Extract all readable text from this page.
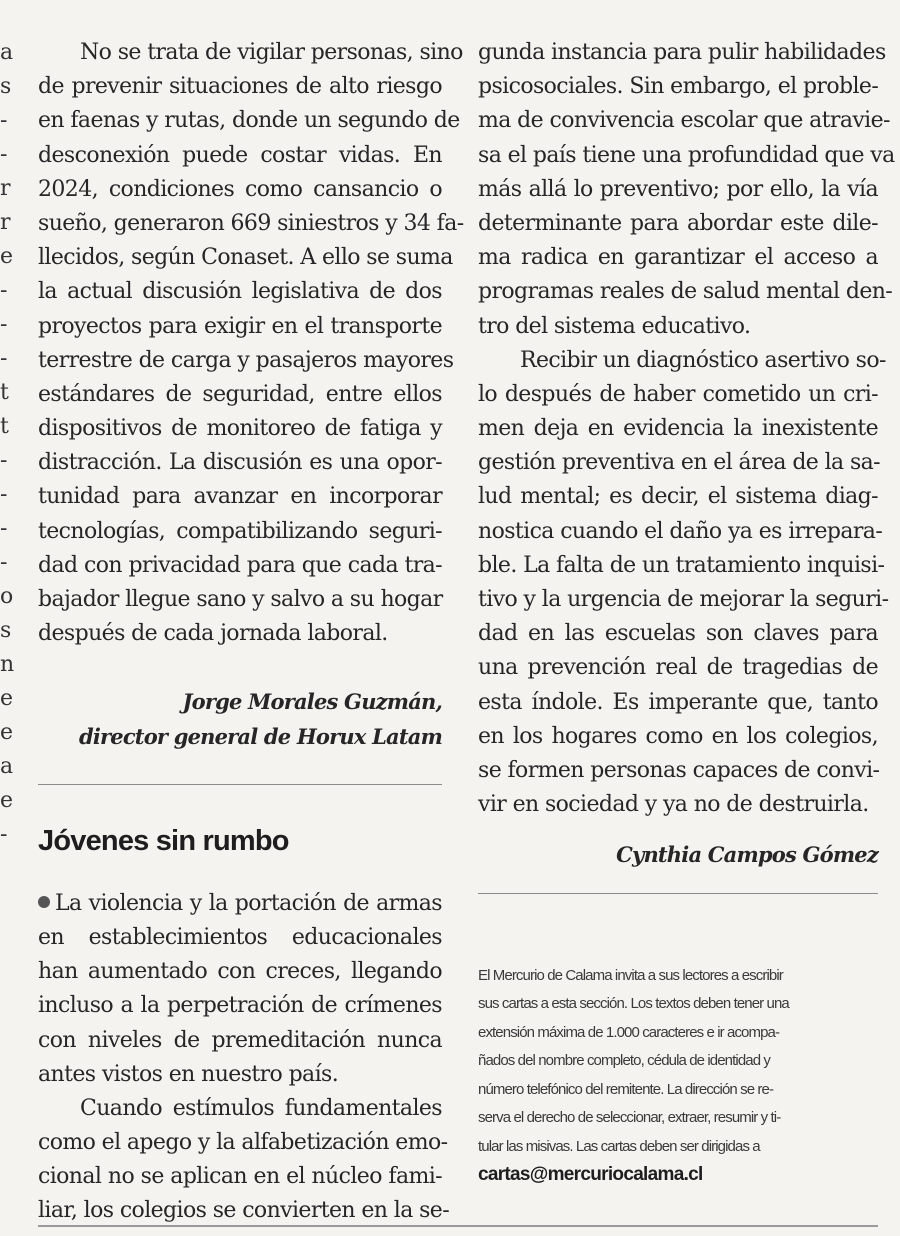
a
s
-
-
r
r
e
-
-
-
t
t
-
-
-
-
o
s
n
e
e
a
e
-
No se trata de vigilar personas, sino
de prevenir situaciones de alto riesgo
en faenas y rutas, donde un segundo de
desconexión puede costar vidas. En
2024, condiciones como cansancio o
sueño, generaron 669 siniestros y 34 fa-
llecidos, según Conaset. A ello se suma
la actual discusión legislativa de dos
proyectos para exigir en el transporte
terrestre de carga y pasajeros mayores
estándares de seguridad, entre ellos
dispositivos de monitoreo de fatiga y
distracción. La discusión es una opor-
tunidad para avanzar en incorporar
tecnologías, compatibilizando seguri-
dad con privacidad para que cada tra-
bajador llegue sano y salvo a su hogar
después de cada jornada laboral.
Jorge Morales Guzmán,
director general de Horux Latam
Jóvenes sin rumbo
La violencia y la portación de armas
en establecimientos educacionales
han aumentado con creces, llegando
incluso a la perpetración de crímenes
con niveles de premeditación nunca
antes vistos en nuestro país.
Cuando estímulos fundamentales
como el apego y la alfabetización emo-
cional no se aplican en el núcleo fami-
liar, los colegios se convierten en la se-
gunda instancia para pulir habilidades
psicosociales. Sin embargo, el proble-
ma de convivencia escolar que atravie-
sa el país tiene una profundidad que va
más allá lo preventivo; por ello, la vía
determinante para abordar este dile-
ma radica en garantizar el acceso a
programas reales de salud mental den-
tro del sistema educativo.
Recibir un diagnóstico asertivo so-
lo después de haber cometido un cri-
men deja en evidencia la inexistente
gestión preventiva en el área de la sa-
lud mental; es decir, el sistema diag-
nostica cuando el daño ya es irrepara-
ble. La falta de un tratamiento inquisi-
tivo y la urgencia de mejorar la seguri-
dad en las escuelas son claves para
una prevención real de tragedias de
esta índole. Es imperante que, tanto
en los hogares como en los colegios,
se formen personas capaces de convi-
vir en sociedad y ya no de destruirla.
Cynthia Campos Gómez
El Mercurio de Calama invita a sus lectores a escribir
sus cartas a esta sección. Los textos deben tener una
extensión máxima de 1.000 caracteres e ir acompa-
ñados del nombre completo, cédula de identidad y
número telefónico del remitente. La dirección se re-
serva el derecho de seleccionar, extraer, resumir y ti-
tular las misivas. Las cartas deben ser dirigidas a
cartas@mercuriocalama.cl
